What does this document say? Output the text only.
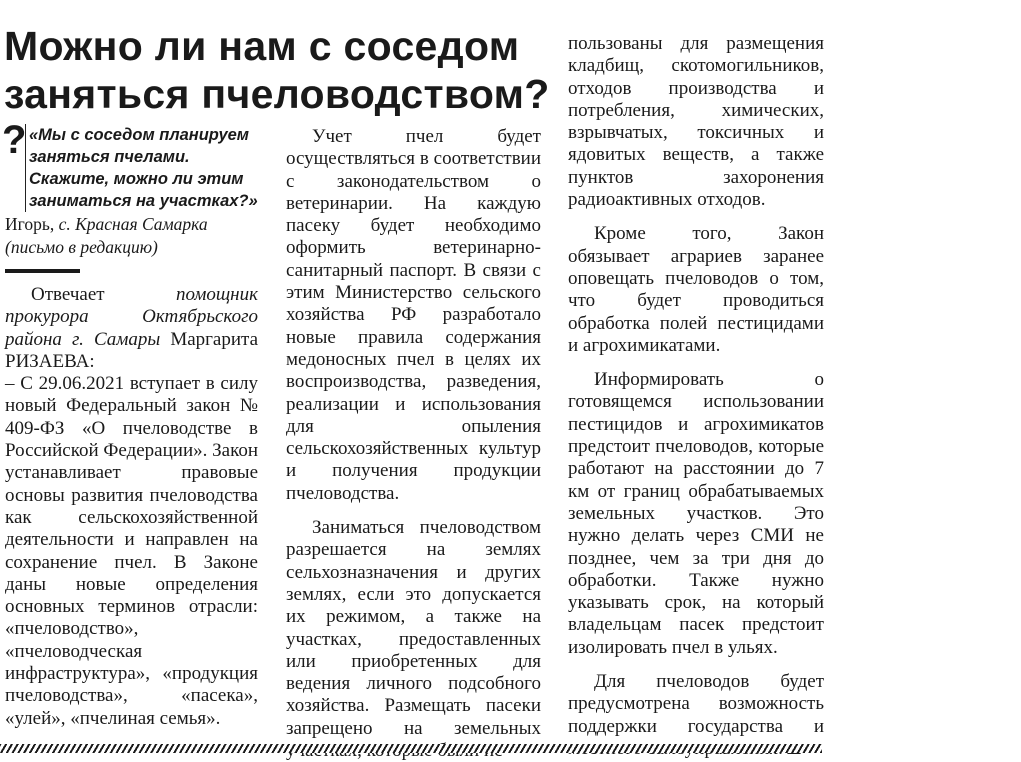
Можно ли нам с соседом заняться пчеловодством?
? «Мы с соседом планируем заняться пчелами. Скажите, можно ли этим заниматься на участках?»

Игорь, с. Красная Самарка
(письмо в редакцию)

Отвечает	помощник прокурора Октябрьского района г. Самары Маргарита РИЗАЕВА:

– С 29.06.2021 вступает в силу новый Федеральный закон № 409-ФЗ «О пчеловодстве в Российской Федерации». Закон устанавливает правовые основы развития пчеловодства как сельскохозяйственной деятельности и направлен на сохранение пчел. В Законе даны новые определения основных терминов отрасли: «пчеловодство», «пчеловодческая инфраструктура», «продукция пчеловодства», «пасека», «улей», «пчелиная семья».

Учет пчел будет осуществляться в соответствии с законодательством о ветеринарии. На каждую пасеку будет необходимо оформить ветеринарно-санитарный паспорт. В связи с этим Министерство сельского хозяйства РФ разработало новые правила содержания медоносных пчел в целях их воспроизводства, разведения, реализации и использования для опыления сельскохозяйственных культур и получения продукции пчеловодства.

Заниматься пчеловодством разрешается на землях сельхозназначения и других землях, если это допускается их режимом, а также на участках, предоставленных или приобретенных для ведения личного подсобного хозяйства. Размещать пасеки запрещено на земельных

пользованы для размещения кладбищ, скотомогильников, отходов производства и потребления, химических, взрывчатых, токсичных и ядовитых веществ, а также пунктов захоронения радиоактивных отходов.

Кроме того, Закон обязывает аграриев заранее оповещать пчеловодов о том, что будет проводиться обработка полей пестицидами и агрохимикатами.

Информировать о готовящемся использовании пестицидов и агрохимикатов предстоит пчеловодов, которые работают на расстоянии до 7 км от границ обрабатываемых земельных участков. Это нужно делать через СМИ не позднее, чем за три дня до обработки. Также нужно указывать срок, на который владельцам пасек предстоит изолировать пчел в ульях.

Для пчеловодов будет предусмотрена возможность поддержки государства и
